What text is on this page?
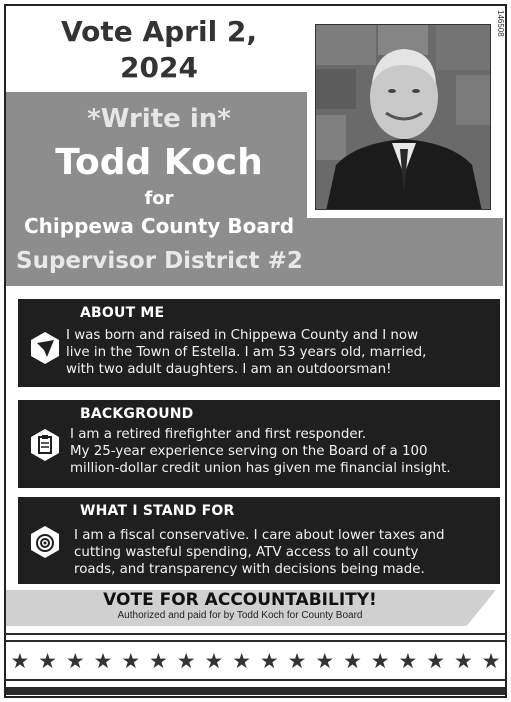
146508
Vote April 2,
2024
*Write in*
Todd Koch
for
Chippewa County Board
Supervisor District #2
ABOUT ME
I was born and raised in Chippewa County and I now
live in the Town of Estella. I am 53 years old, married,
with two adult daughters. I am an outdoorsman!
BACKGROUND
I am a retired firefighter and first responder.
My 25-year experience serving on the Board of a 100
million-dollar credit union has given me financial insight.
WHAT I STAND FOR
I am a fiscal conservative. I care about lower taxes and
cutting wasteful spending, ATV access to all county
roads, and transparency with decisions being made.
VOTE FOR ACCOUNTABILITY!
Authorized and paid for by Todd Koch for County Board
★ ★ ★ ★ ★ ★ ★ ★ ★ ★ ★ ★ ★ ★ ★ ★ ★ ★
